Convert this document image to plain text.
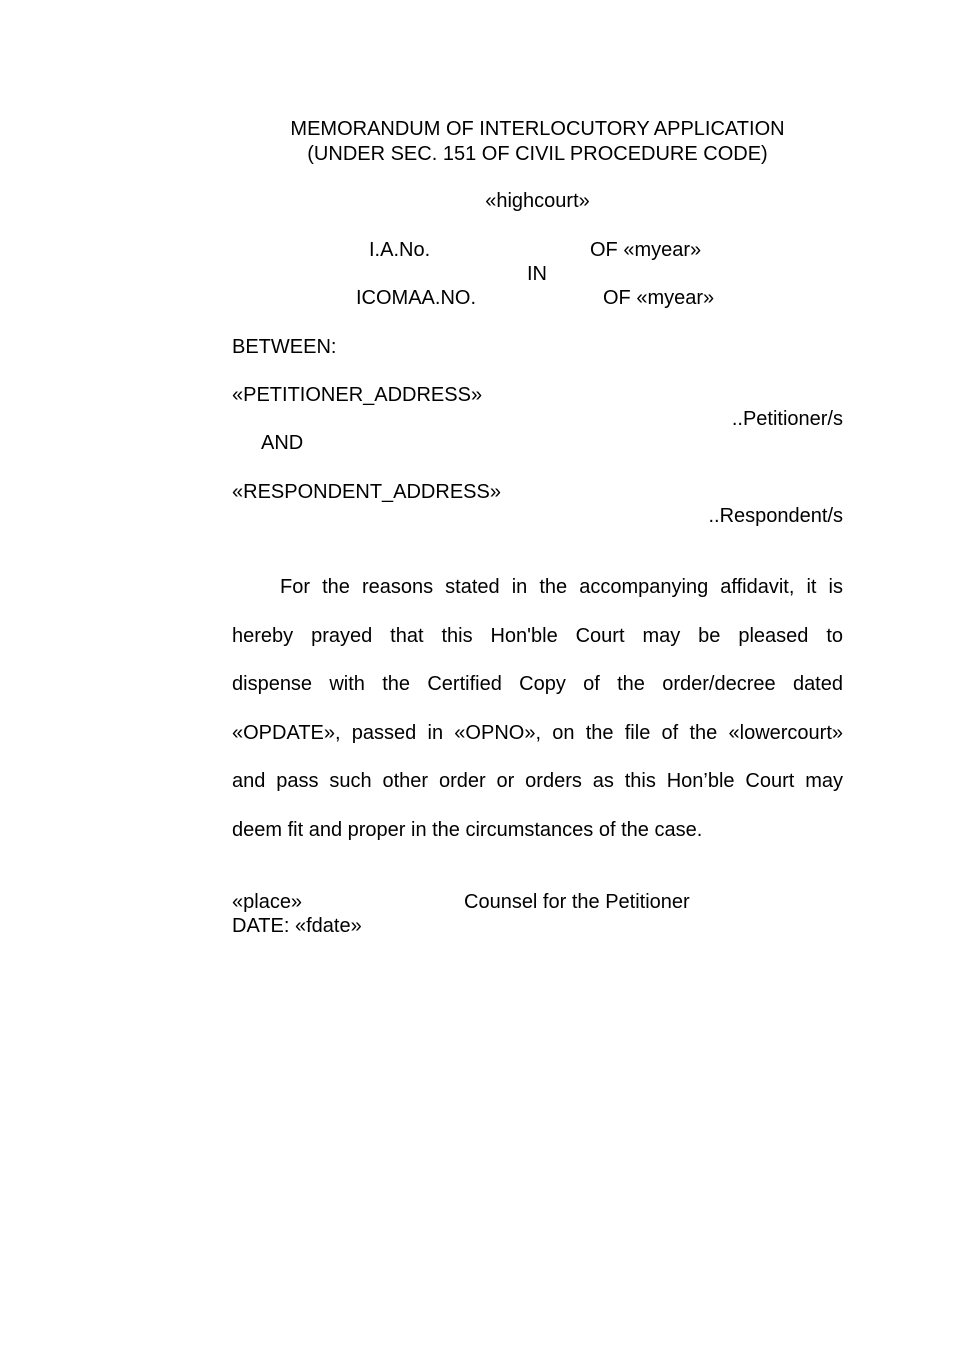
MEMORANDUM OF INTERLOCUTORY APPLICATION
(UNDER SEC. 151 OF CIVIL PROCEDURE CODE)
«highcourt»
I.A.No.	OF «myear»
IN
ICOMAA.NO.	OF «myear»
BETWEEN:
«PETITIONER_ADDRESS»
..Petitioner/s
AND
«RESPONDENT_ADDRESS»
..Respondent/s
For the reasons stated in the accompanying affidavit, it is
hereby prayed that this Hon'ble Court may be pleased to
dispense with the Certified Copy of the order/decree dated
«OPDATE», passed in «OPNO», on the file of the «lowercourt»
and pass such other order or orders as this Hon’ble Court may
deem fit and proper in the circumstances of the case.
«place»	Counsel for the Petitioner
DATE: «fdate»
